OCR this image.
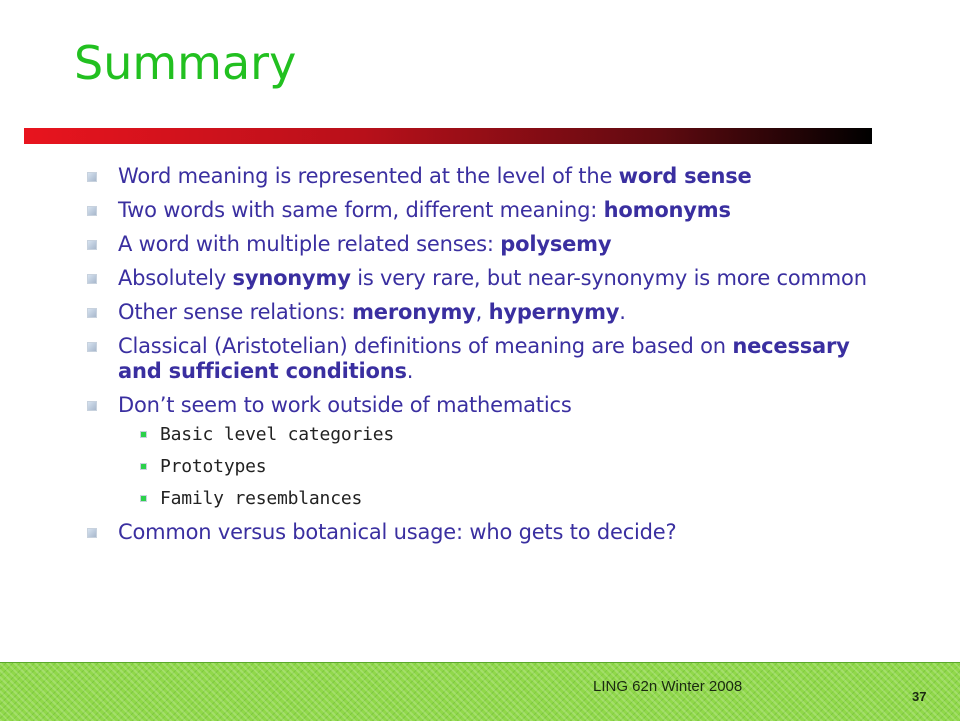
Summary
Word meaning is represented at the level of the word sense
Two words with same form, different meaning: homonyms
A word with multiple related senses: polysemy
Absolutely synonymy is very rare, but near-synonymy is more common
Other sense relations: meronymy, hypernymy.
Classical (Aristotelian) definitions of meaning are based on necessary and sufficient conditions.
Don’t seem to work outside of mathematics
Basic level categories
Prototypes
Family resemblances
Common versus botanical usage: who gets to decide?
LING 62n Winter 2008
37
